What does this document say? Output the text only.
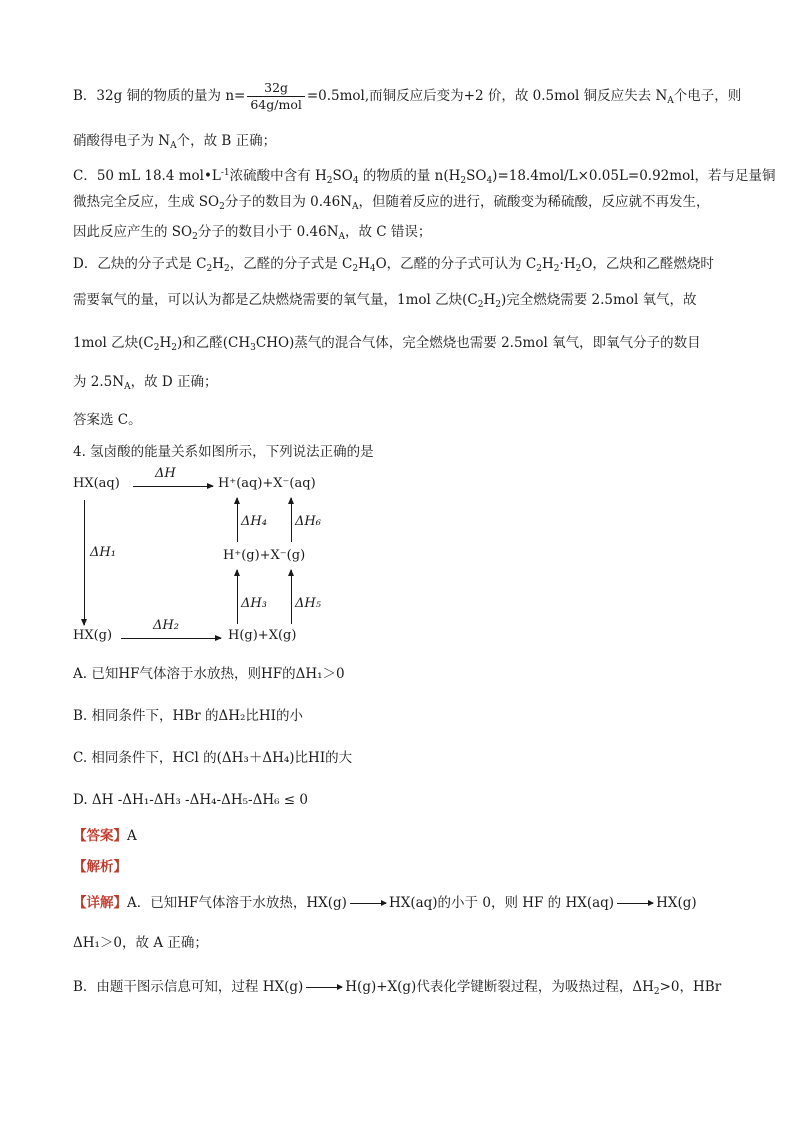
B．32g 铜的物质的量为 $n= \frac{32g}{\text{64g/mol}} =0.5mol$,而铜反应后变为+2 价，故 0.5mol 铜反应失去 $N_A$个电子，则
硝酸得电子为 $N_A$个，故 B 正确；
C．50 mL 18.4 $mol•L^{-1}$浓硫酸中含有 $H_2SO_4$ 的物质的量 $n(H_2SO_4)=18.4mol/L\times 0.05L=0.92mol$，若与足量铜
微热完全反应，生成 $SO_2$分子的数目为 $0.46N_A$，但随着反应的进行，硫酸变为稀硫酸，反应就不再发生，
因此反应产生的 $SO_2$分子的数目小于 $0.46N_A$，故 C 错误；
D．乙炔的分子式是 $C_2H_2$，乙醛的分子式是 $C_2H_4O$，乙醛的分子式可认为 $C_2H_2\cdot H_2O$，乙炔和乙醛燃烧时
需要氧气的量，可以认为都是乙炔燃烧需要的氧气量，1mol 乙炔$(C_2H_2)$完全燃烧需要 2.5mol 氧气，故
1mol 乙炔$(C_2H_2)$和乙醛$(CH_3CHO)$蒸气的混合气体，完全燃烧也需要 2.5mol 氧气，即氧气分子的数目
为 $2.5N_A$，故 D 正确；
答案选 C。
4. 氢卤酸的能量关系如图所示，下列说法正确的是
HX(aq)
ΔH
H⁺(aq)+X⁻(aq)
ΔH₁
ΔH₄ ΔH₆
H⁺(g)+X⁻(g)
ΔH₃ ΔH₅
HX(g)
ΔH₂
H(g)+X(g)
A. 已知HF气体溶于水放热，则HF的ΔH₁＞0
B. 相同条件下，HBr 的ΔH₂比HI的小
C. 相同条件下，HCl 的(ΔH₃＋ΔH₄)比HI的大
D. ΔH -ΔH₁-ΔH₃ -ΔH₄-ΔH₅-ΔH₆ ≤ 0
【答案】A
【解析】
【详解】A．已知HF气体溶于水放热，HX(g) → HX(aq)的小于 0，则 HF 的 HX(aq) → HX(g)
ΔH₁＞0，故 A 正确；
B．由题干图示信息可知，过程 HX(g) → H(g)+X(g)代表化学键断裂过程，为吸热过程，$\Delta H_2>0$，HBr
